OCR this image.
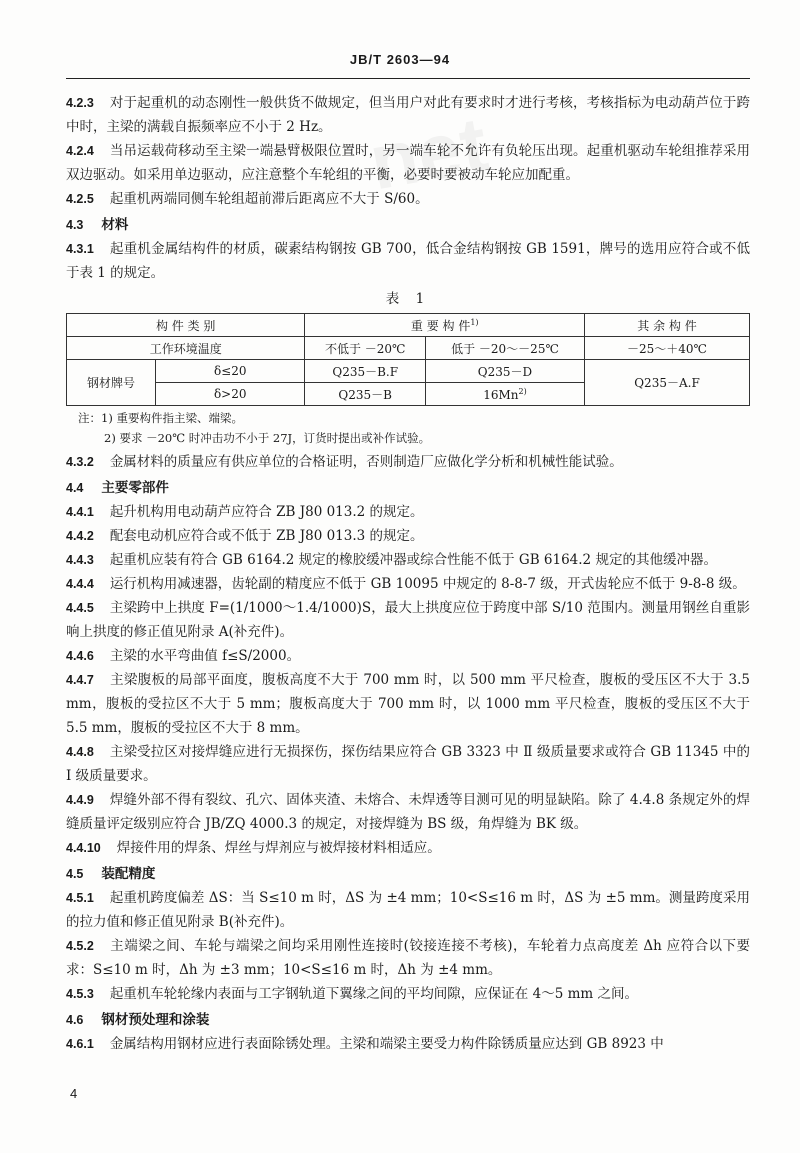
JB/T 2603—94

4.2.3 对于起重机的动态刚性一般供货不做规定，但当用户对此有要求时才进行考核，考核指标为电动葫芦位于跨中时，主梁的满载自振频率应不小于 2 Hz。

4.2.4 当吊运载荷移动至主梁一端悬臂极限位置时，另一端车轮不允许有负轮压出现。起重机驱动车轮组推荐采用双边驱动。如采用单边驱动，应注意整个车轮组的平衡，必要时要被动车轮应加配重。

4.2.5 起重机两端同侧车轮组超前滞后距离应不大于 S/60。

4.3 材料

4.3.1 起重机金属结构件的材质，碳素结构钢按 GB 700，低合金结构钢按 GB 1591，牌号的选用应符合或不低于表 1 的规定。

表 1
构 件 类 别		重 要 构 件$^{1)}$		其 余 构 件
工作环境温度		不低于 －20℃	低于 －20～－25℃	－25～＋40℃
钢材牌号	δ≤20	Q235－B.F	Q235－D	Q235－A.F
	δ>20	Q235－B	16Mn$^{2)}$
注：1) 重要构件指主梁、端梁。
2) 要求 －20℃ 时冲击功不小于 27J，订货时提出或补作试验。

4.3.2 金属材料的质量应有供应单位的合格证明，否则制造厂应做化学分析和机械性能试验。

4.4 主要零部件

4.4.1 起升机构用电动葫芦应符合 ZB J80 013.2 的规定。

4.4.2 配套电动机应符合或不低于 ZB J80 013.3 的规定。

4.4.3 起重机应装有符合 GB 6164.2 规定的橡胶缓冲器或综合性能不低于 GB 6164.2 规定的其他缓冲器。

4.4.4 运行机构用减速器，齿轮副的精度应不低于 GB 10095 中规定的 8-8-7 级，开式齿轮应不低于 9-8-8 级。

4.4.5 主梁跨中上拱度 F=(1/1000～1.4/1000)S，最大上拱度应位于跨度中部 S/10 范围内。测量用钢丝自重影响上拱度的修正值见附录 A(补充件)。

4.4.6 主梁的水平弯曲值 f≤S/2000。

4.4.7 主梁腹板的局部平面度，腹板高度不大于 700 mm 时，以 500 mm 平尺检查，腹板的受压区不大于 3.5 mm，腹板的受拉区不大于 5 mm；腹板高度大于 700 mm 时，以 1000 mm 平尺检查，腹板的受压区不大于 5.5 mm，腹板的受拉区不大于 8 mm。

4.4.8 主梁受拉区对接焊缝应进行无损探伤，探伤结果应符合 GB 3323 中 Ⅱ 级质量要求或符合 GB 11345 中的 Ⅰ 级质量要求。

4.4.9 焊缝外部不得有裂纹、孔穴、固体夹渣、未熔合、未焊透等目测可见的明显缺陷。除了 4.4.8 条规定外的焊缝质量评定级别应符合 JB/ZQ 4000.3 的规定，对接焊缝为 BS 级，角焊缝为 BK 级。

4.4.10 焊接件用的焊条、焊丝与焊剂应与被焊接材料相适应。

4.5 装配精度

4.5.1 起重机跨度偏差 ΔS：当 S≤10 m 时，ΔS 为 ±4 mm；10<S≤16 m 时，ΔS 为 ±5 mm。测量跨度采用的拉力值和修正值见附录 B(补充件)。

4.5.2 主端梁之间、车轮与端梁之间均采用刚性连接时(铰接连接不考核)，车轮着力点高度差 Δh 应符合以下要求：S≤10 m 时，Δh 为 ±3 mm；10<S≤16 m 时，Δh 为 ±4 mm。

4.5.3 起重机车轮轮缘内表面与工字钢轨道下翼缘之间的平均间隙，应保证在 4～5 mm 之间。

4.6 钢材预处理和涂装

4.6.1 金属结构用钢材应进行表面除锈处理。主梁和端梁主要受力构件除锈质量应达到 GB 8923 中

4
